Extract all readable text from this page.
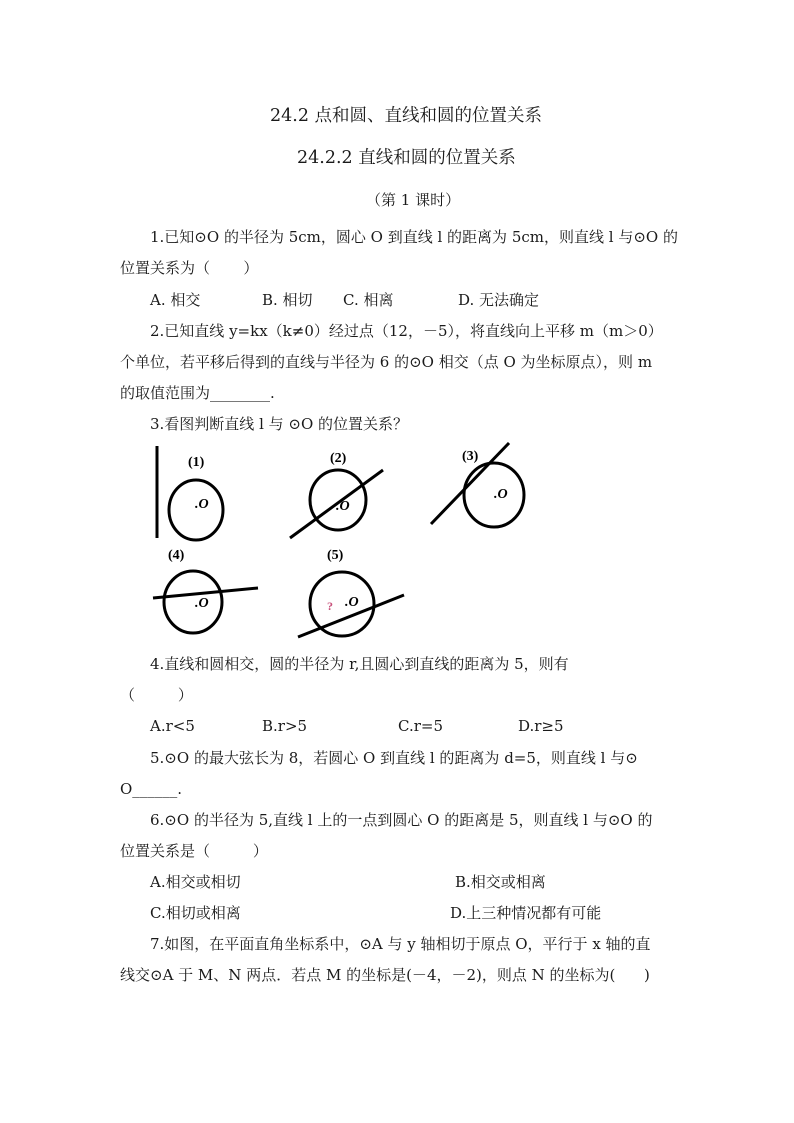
24.2 点和圆、直线和圆的位置关系
24.2.2 直线和圆的位置关系
（第 1 课时）
1.已知⊙O 的半径为 5cm，圆心 O 到直线 l 的距离为 5cm，则直线 l 与⊙O 的
位置关系为（       ）
A. 相交	B. 相切 C. 相离	D. 无法确定
2.已知直线 y=kx（k≠0）经过点（12，－5），将直线向上平移 m（m＞0）
个单位，若平移后得到的直线与半径为 6 的⊙O 相交（点 O 为坐标原点），则 m
的取值范围为________.
3.看图判断直线 l 与 ⊙O 的位置关系？
(1)
.O
(2)
.O
(3)
.O
(4)
.O
(5)
.O
?
4.直线和圆相交，圆的半径为 r,且圆心到直线的距离为 5，则有
（         ）
A.r<5	B.r>5	C.r=5	D.r≥5
5.⊙O 的最大弦长为 8，若圆心 O 到直线 l 的距离为 d=5，则直线 l 与⊙
O______.
6.⊙O 的半径为 5,直线 l 上的一点到圆心 O 的距离是 5，则直线 l 与⊙O 的
位置关系是（         ）
A.相交或相切	B.相交或相离
C.相切或相离	D.上三种情况都有可能
7.如图，在平面直角坐标系中，⊙A 与 y 轴相切于原点 O，平行于 x 轴的直
线交⊙A 于 M、N 两点．若点 M 的坐标是(－4，－2)，则点 N 的坐标为(      )
